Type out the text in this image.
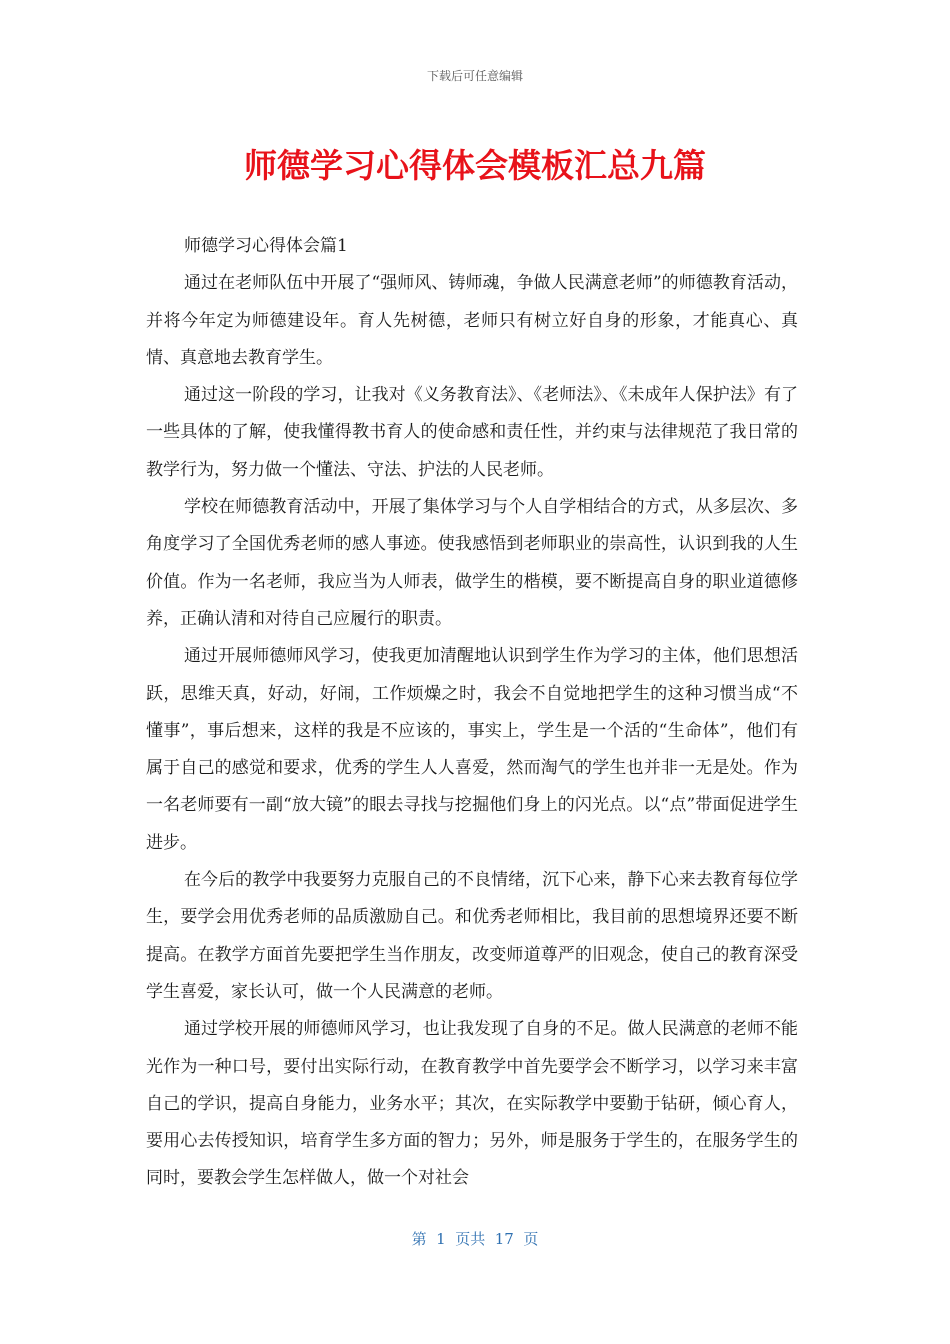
下载后可任意编辑
师德学习心得体会模板汇总九篇

师德学习心得体会篇1

通过在老师队伍中开展了“强师风、铸师魂，争做人民满意老师”的师德教育活动，并将今年定为师德建设年。育人先树德，老师只有树立好自身的形象，才能真心、真情、真意地去教育学生。

通过这一阶段的学习，让我对《义务教育法》、《老师法》、《未成年人保护法》有了一些具体的了解，使我懂得教书育人的使命感和责任性，并约束与法律规范了我日常的教学行为，努力做一个懂法、守法、护法的人民老师。

学校在师德教育活动中，开展了集体学习与个人自学相结合的方式，从多层次、多角度学习了全国优秀老师的感人事迹。使我感悟到老师职业的崇高性，认识到我的人生价值。作为一名老师，我应当为人师表，做学生的楷模，要不断提高自身的职业道德修养，正确认清和对待自己应履行的职责。

通过开展师德师风学习，使我更加清醒地认识到学生作为学习的主体，他们思想活跃，思维天真，好动，好闹，工作烦燥之时，我会不自觉地把学生的这种习惯当成“不懂事”，事后想来，这样的我是不应该的，事实上，学生是一个活的“生命体”，他们有属于自己的感觉和要求，优秀的学生人人喜爱，然而淘气的学生也并非一无是处。作为一名老师要有一副“放大镜”的眼去寻找与挖掘他们身上的闪光点。以“点”带面促进学生进步。

在今后的教学中我要努力克服自己的不良情绪，沉下心来，静下心来去教育每位学生，要学会用优秀老师的品质激励自己。和优秀老师相比，我目前的思想境界还要不断提高。在教学方面首先要把学生当作朋友，改变师道尊严的旧观念，使自己的教育深受学生喜爱，家长认可，做一个人民满意的老师。

通过学校开展的师德师风学习，也让我发现了自身的不足。做人民满意的老师不能光作为一种口号，要付出实际行动，在教育教学中首先要学会不断学习，以学习来丰富自己的学识，提高自身能力，业务水平；其次，在实际教学中要勤于钻研，倾心育人，要用心去传授知识，培育学生多方面的智力；另外，师是服务于学生的，在服务学生的同时，要教会学生怎样做人，做一个对社会

第  1  页共  17  页
